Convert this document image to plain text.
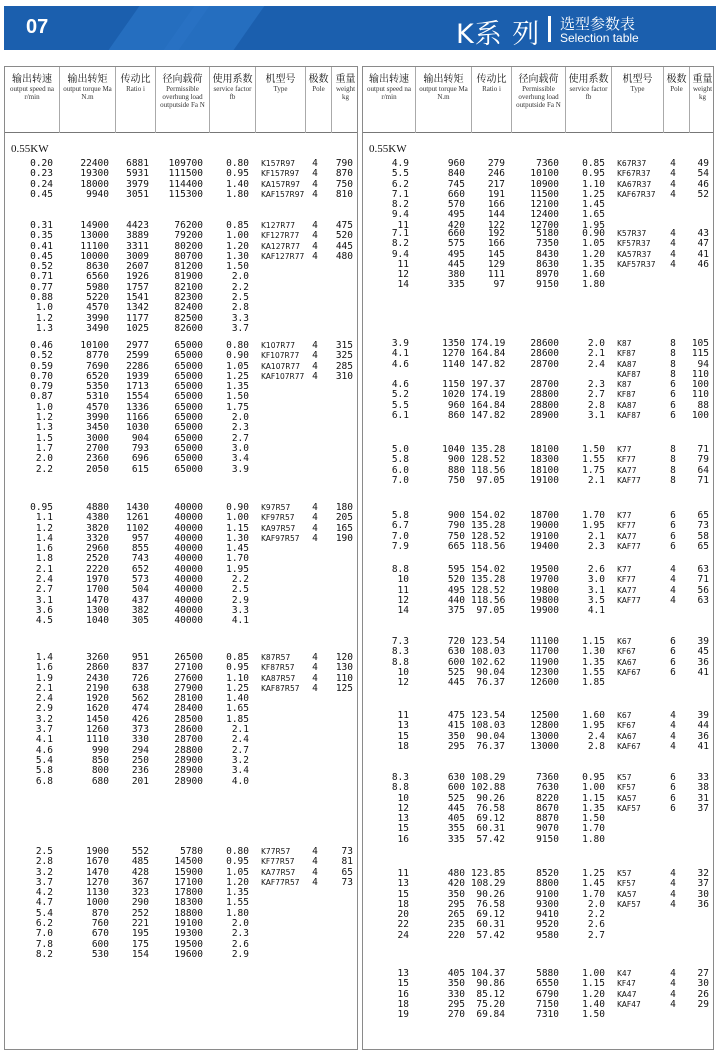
07	K系 列 选型参数表
Selection table
输出转速
output speed na r/min
输出转矩
output torque Ma N.m
传动比
Ratio i
径向载荷
Permissible overhung load outputside Fa N
使用系数
service factor fb
机型号
Type
极数
Pole
重量
weight kg
0.55KW
0.20	22400	6881	109700	0.80 K157R97	4	790
0.23	19300	5931	111500	0.95 KF157R97	4	870
0.24	18000	3979	114400	1.40 KA157R97	4	750
0.45	9940	3051	115300	1.80 KAF157R97 4	810
0.31	14900	4423	76200	0.85 K127R77	4	475
0.35	13000	3889	79200	1.00 KF127R77	4	520
0.41	11100	3311	80200	1.20 KA127R77	4	445
0.45	10000	3009	80700	1.30 KAF127R77 4	480
0.52	8630	2607	81200	1.50
0.71	6560	1926	81900	2.0
0.77	5980	1757	82100	2.2
0.88	5220	1541	82300	2.5
1.0	4570	1342	82400	2.8
1.2	3990	1177	82500	3.3
1.3	3490	1025	82600	3.7
0.46	10100	2977	65000	0.80 K107R77	4	315
0.52	8770	2599	65000	0.90 KF107R77	4	325
0.59	7690	2286	65000	1.05 KA107R77	4	285
0.70	6520	1939	65000	1.25 KAF107R77 4	310
0.79	5350	1713	65000	1.35
0.87	5310	1554	65000	1.50
1.0	4570	1336	65000	1.75
1.2	3990	1166	65000	2.0
1.3	3450	1030	65000	2.3
1.5	3000	904	65000	2.7
1.7	2700	793	65000	3.0
2.0	2360	696	65000	3.4
2.2	2050	615	65000	3.9
0.95	4880	1430	40000	0.90 K97R57	4	180
1.1	4380	1261	40000	1.00 KF97R57	4	205
1.2	3820	1102	40000	1.15 KA97R57	4	165
1.4	3320	957	40000	1.30 KAF97R57	4	190
1.6	2960	855	40000	1.45
1.8	2520	743	40000	1.70
2.1	2220	652	40000	1.95
2.4	1970	573	40000	2.2
2.7	1700	504	40000	2.5
3.1	1470	437	40000	2.9
3.6	1300	382	40000	3.3
4.5	1040	305	40000	4.1
1.4	3260	951	26500	0.85 K87R57	4	120
1.6	2860	837	27100	0.95 KF87R57	4	130
1.9	2430	726	27600	1.10 KA87R57	4	110
2.1	2190	638	27900	1.25 KAF87R57	4	125
2.4	1920	562	28100	1.40
2.9	1620	474	28400	1.65
3.2	1450	426	28500	1.85
3.7	1260	373	28600	2.1
4.1	1110	330	28700	2.4
4.6	990	294	28800	2.7
5.4	850	250	28900	3.2
5.8	800	236	28900	3.4
6.8	680	201	28900	4.0
2.5	1900	552	5780	0.80 K77R57	4	73
2.8	1670	485	14500	0.95 KF77R57	4	81
3.2	1470	428	15900	1.05 KA77R57	4	65
3.7	1270	367	17100	1.20 KAF77R57	4	73
4.2	1130	323	17800	1.35
4.7	1000	290	18300	1.55
5.4	870	252	18800	1.80
6.2	760	221	19100	2.0
7.0	670	195	19300	2.3
7.8	600	175	19500	2.6
8.2	530	154	19600	2.9
输出转速
output speed na r/min
输出转矩
output torque Ma N.m
传动比
Ratio i
径向载荷
Permissible overhung load outputside Fa N
使用系数
service factor fb
机型号
Type
极数
Pole
重量
weight kg
0.55KW
4.9	960	279	7360	0.85 K67R37	4	49
5.5	840	246	10100	0.95 KF67R37	4	54
6.2	745	217	10900	1.10 KA67R37	4	46
7.1	660	191	11500	1.25 KAF67R37	4	52
8.2	570	166	12100	1.45
9.4	495	144	12400	1.65
11	420	122	12700	1.95
7.1	660	192	5180	0.90 K57R37	4	43
8.2	575	166	7350	1.05 KF57R37	4	47
9.4	495	145	8430	1.20 KA57R37	4	41
11	445	129	8630	1.35 KAF57R37	4	46
12	380	111	8970	1.60
14	335	97	9150	1.80
3.9	1350 174.19	28600	2.0 K87	8	105
4.1	1270 164.84	28600	2.1 KF87	8	115
4.6	1140 147.82	28700	2.4 KA87	8	94
KAF87	8	110
4.6	1150 197.37	28700	2.3 K87	6	100
5.2	1020 174.19	28800	2.7 KF87	6	110
5.5	960 164.84	28800	2.8 KA87	6	88
6.1	860 147.82	28900	3.1 KAF87	6	100
5.0	1040 135.28	18100	1.50 K77	8	71
5.8	900 128.52	18300	1.55 KF77	8	79
6.0	880 118.56	18100	1.75 KA77	8	64
7.0	750	97.05	19100	2.1 KAF77	8	71
5.8	900 154.02	18700	1.70 K77	6	65
6.7	790 135.28	19000	1.95 KF77	6	73
7.0	750 128.52	19100	2.1 KA77	6	58
7.9	665 118.56	19400	2.3 KAF77	6	65
8.8	595 154.02	19500	2.6 K77	4	63
10	520 135.28	19700	3.0 KF77	4	71
11	495 128.52	19800	3.1 KA77	4	56
12	440 118.56	19800	3.5 KAF77	4	63
14	375	97.05	19900	4.1
7.3	720 123.54	11100	1.15 K67	6	39
8.3	630 108.03	11700	1.30 KF67	6	45
8.8	600 102.62	11900	1.35 KA67	6	36
10	525	90.04	12300	1.55 KAF67	6	41
12	445	76.37	12600	1.85
11	475 123.54	12500	1.60 K67	4	39
13	415 108.03	12800	1.95 KF67	4	44
15	350	90.04	13000	2.4 KA67	4	36
18	295	76.37	13000	2.8 KAF67	4	41
8.3	630 108.29	7360	0.95 K57	6	33
8.8	600 102.88	7630	1.00 KF57	6	38
10	525	90.26	8220	1.15 KA57	6	31
12	445	76.58	8670	1.35 KAF57	6	37
13	405	69.12	8870	1.50
15	355	60.31	9070	1.70
16	335	57.42	9150	1.80
11	480 123.85	8520	1.25 K57	4	32
13	420 108.29	8800	1.45 KF57	4	37
15	350	90.26	9100	1.70 KA57	4	30
18	295	76.58	9300	2.0 KAF57	4	36
20	265	69.12	9410	2.2
22	235	60.31	9520	2.6
24	220	57.42	9580	2.7
13	405 104.37	5880	1.00 K47	4	27
15	350	90.86	6550	1.15 KF47	4	30
16	330	85.12	6790	1.20 KA47	4	26
18	295	75.20	7150	1.40 KAF47	4	29
19	270	69.84	7310	1.50
